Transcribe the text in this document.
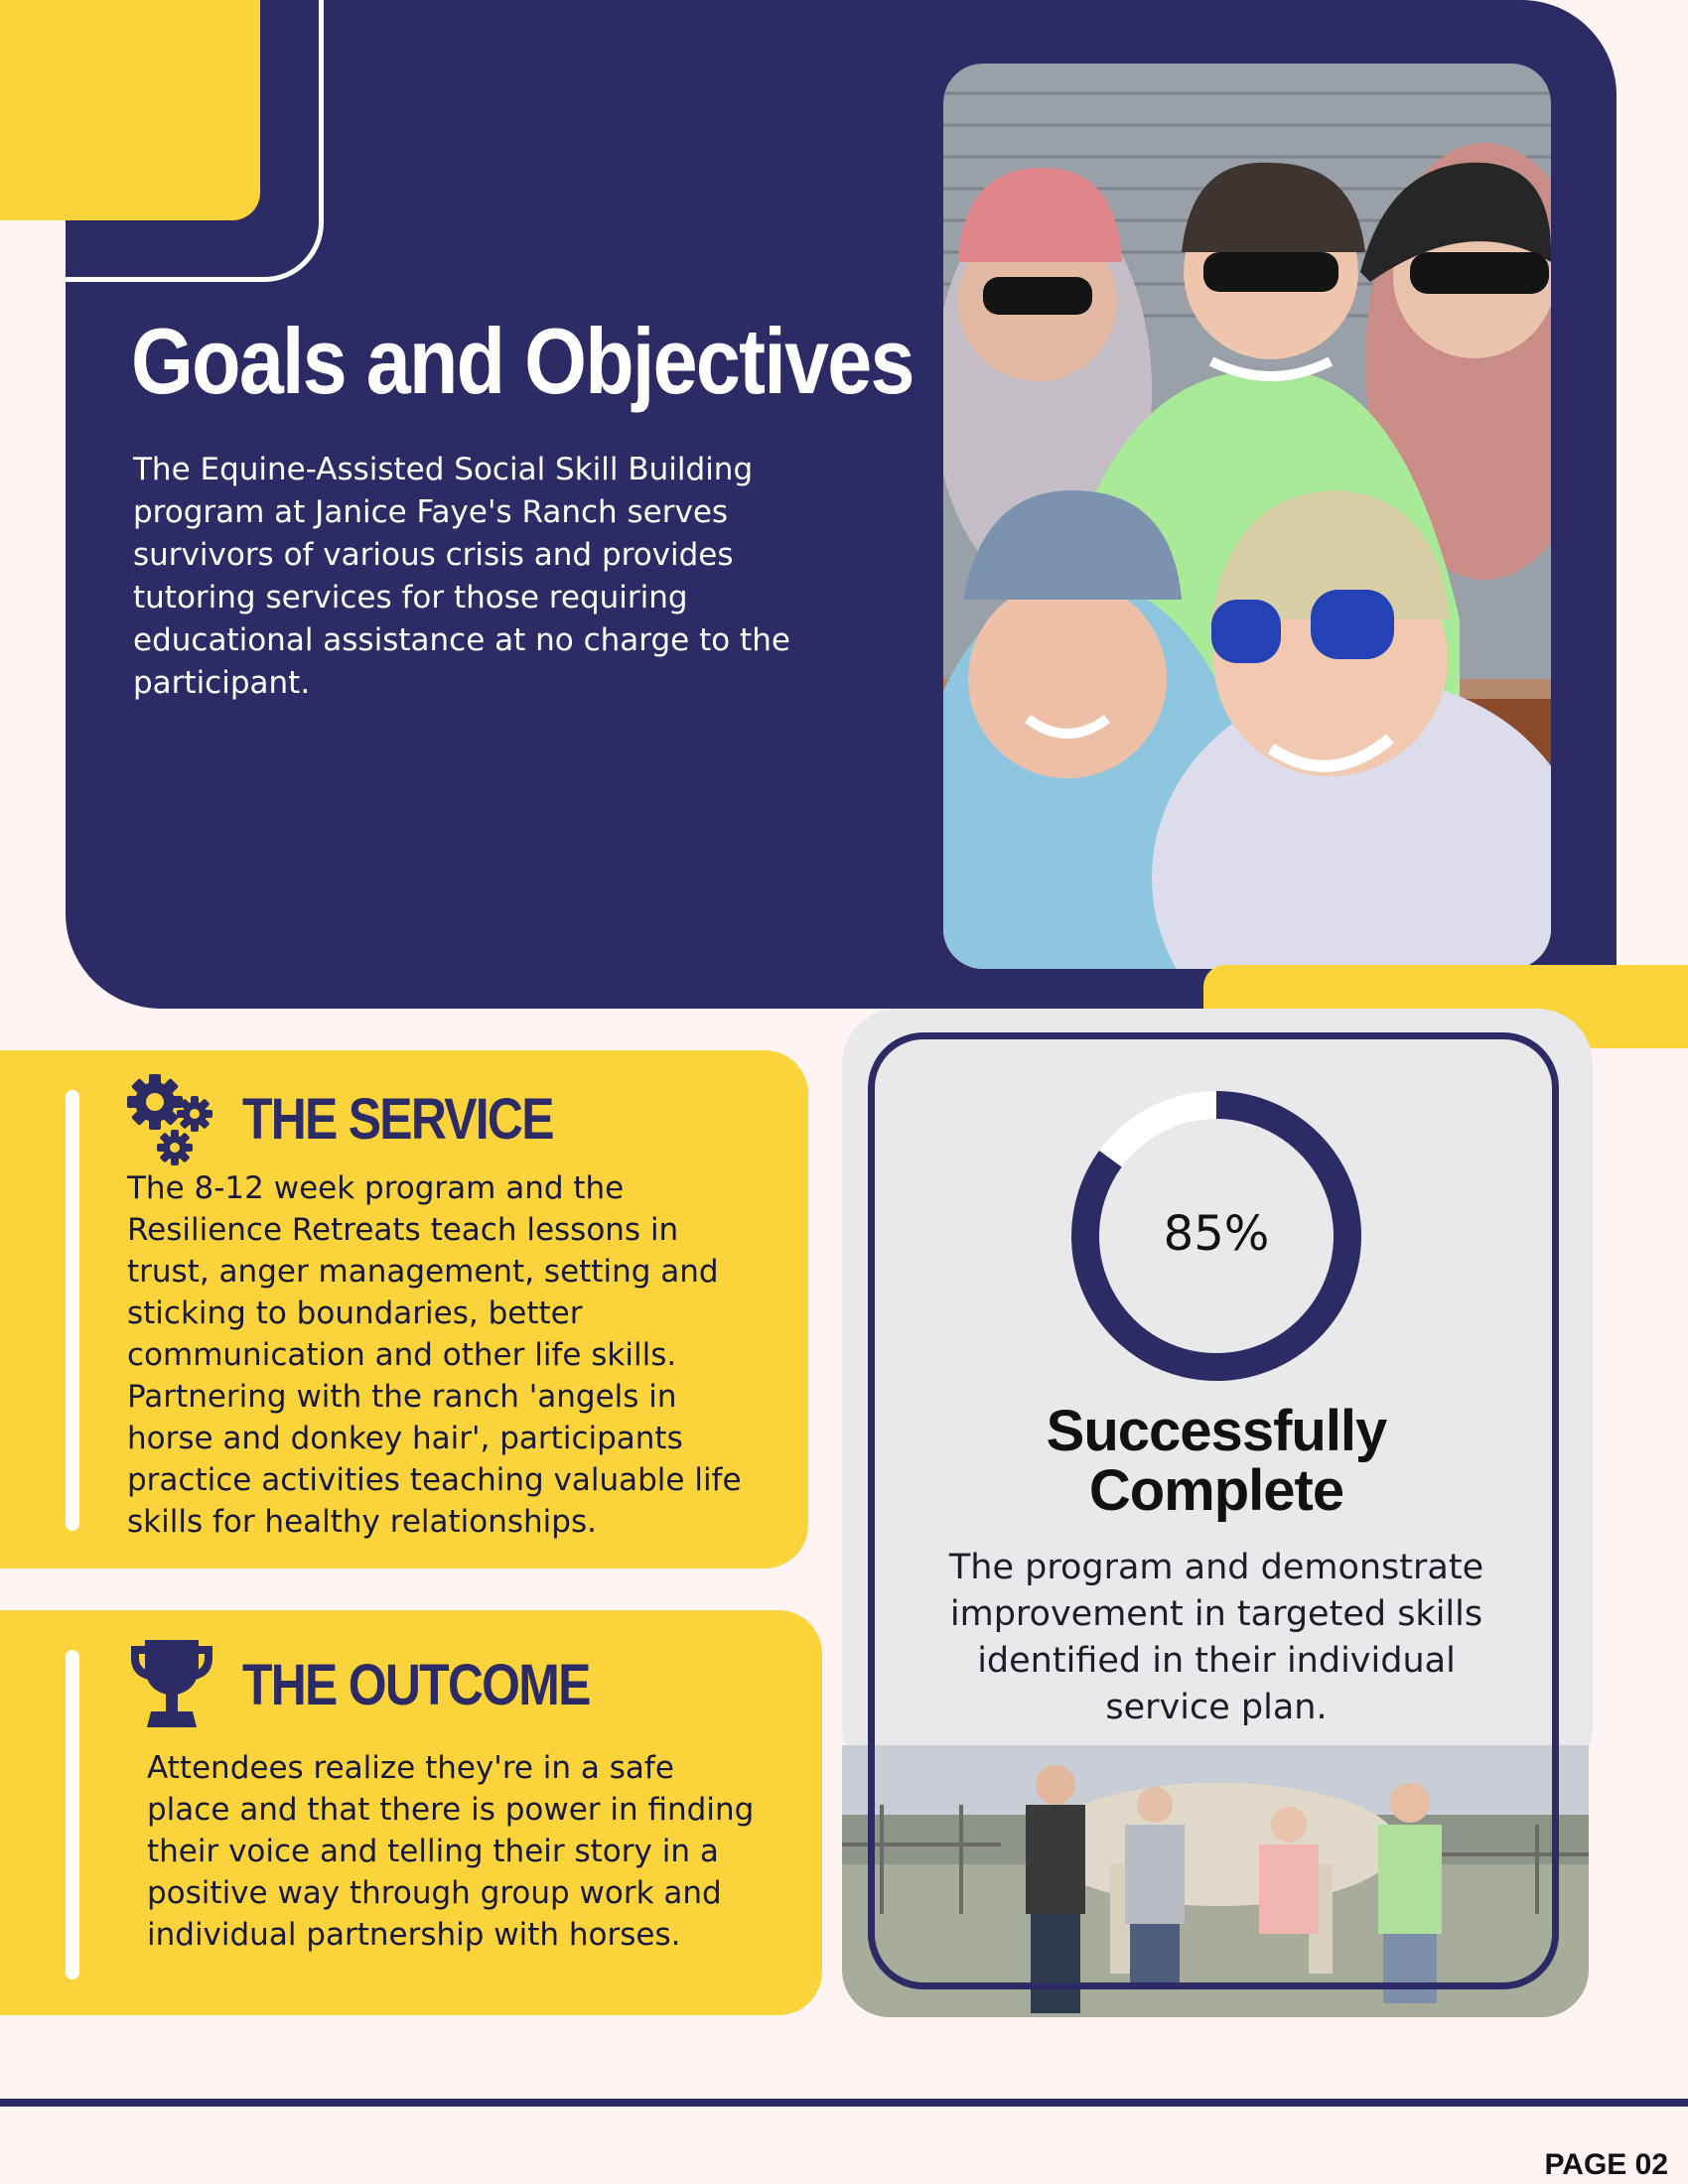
Goals and Objectives
The Equine-Assisted Social Skill Building program at Janice Faye's Ranch serves survivors of various crisis and provides tutoring services for those requiring educational assistance at no charge to the participant.
85%
Successfully Complete
The program and demonstrate improvement in targeted skills identified in their individual service plan.
THE SERVICE
The 8-12 week program and the Resilience Retreats teach lessons in trust, anger management, setting and sticking to boundaries, better communication and other life skills. Partnering with the ranch 'angels in horse and donkey hair', participants practice activities teaching valuable life skills for healthy relationships.
THE OUTCOME
Attendees realize they're in a safe place and that there is power in finding their voice and telling their story in a positive way through group work and individual partnership with horses.
PAGE 02
